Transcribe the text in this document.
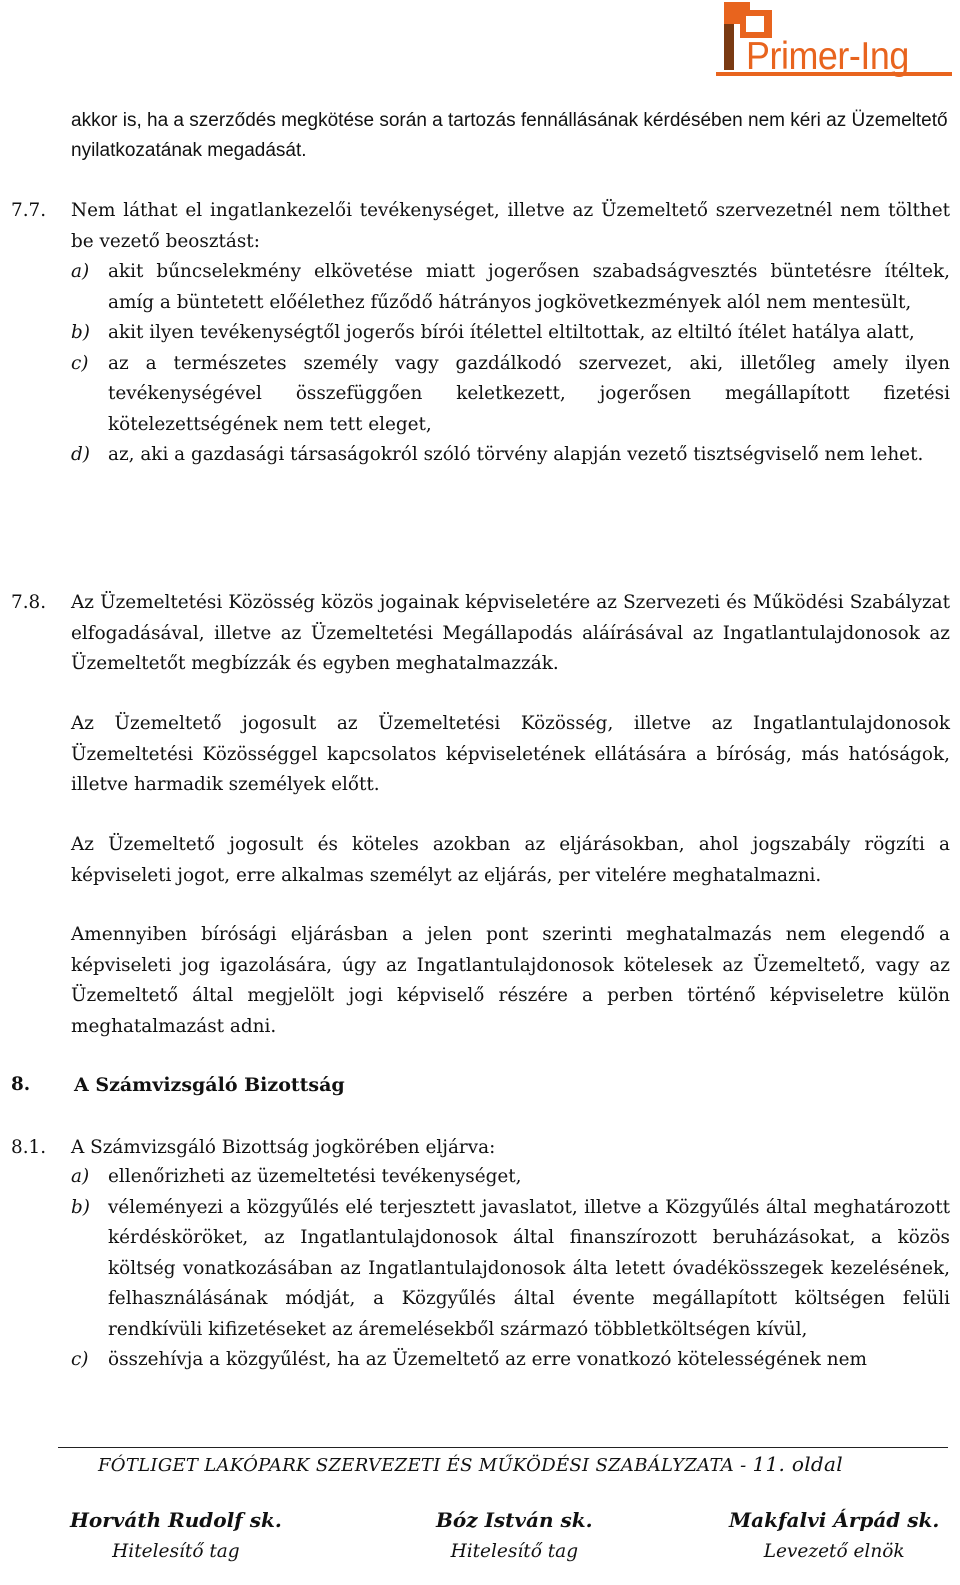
Primer-Ing
akkor is, ha a szerződés megkötése során a tartozás fennállásának kérdésében nem kéri az Üzemeltető nyilatkozatának megadását.
7.7. Nem láthat el ingatlankezelői tevékenységet, illetve az Üzemeltető szervezetnél nem tölthet be vezető beosztást:
a) akit bűncselekmény elkövetése miatt jogerősen szabadságvesztés büntetésre ítéltek, amíg a büntetett előélethez fűződő hátrányos jogkövetkezmények alól nem mentesült,
b) akit ilyen tevékenységtől jogerős bírói ítélettel eltiltottak, az eltiltó ítélet hatálya alatt,
c) az a természetes személy vagy gazdálkodó szervezet, aki, illetőleg amely ilyen tevékenységével összefüggően keletkezett, jogerősen megállapított fizetési kötelezettségének nem tett eleget,
d) az, aki a gazdasági társaságokról szóló törvény alapján vezető tisztségviselő nem lehet.
7.8. Az Üzemeltetési Közösség közös jogainak képviseletére az Szervezeti és Működési Szabályzat elfogadásával, illetve az Üzemeltetési Megállapodás aláírásával az Ingatlantulajdonosok az Üzemeltetőt megbízzák és egyben meghatalmazzák.
Az Üzemeltető jogosult az Üzemeltetési Közösség, illetve az Ingatlantulajdonosok Üzemeltetési Közösséggel kapcsolatos képviseletének ellátására a bíróság, más hatóságok, illetve harmadik személyek előtt.
Az Üzemeltető jogosult és köteles azokban az eljárásokban, ahol jogszabály rögzíti a képviseleti jogot, erre alkalmas személyt az eljárás, per vitelére meghatalmazni.
Amennyiben bírósági eljárásban a jelen pont szerinti meghatalmazás nem elegendő a képviseleti jog igazolására, úgy az Ingatlantulajdonosok kötelesek az Üzemeltető, vagy az Üzemeltető által megjelölt jogi képviselő részére a perben történő képviseletre külön meghatalmazást adni.
8. A Számvizsgáló Bizottság
8.1. A Számvizsgáló Bizottság jogkörében eljárva:
a) ellenőrizheti az üzemeltetési tevékenységet,
b) véleményezi a közgyűlés elé terjesztett javaslatot, illetve a Közgyűlés által meghatározott kérdésköröket, az Ingatlantulajdonosok által finanszírozott beruházásokat, a közös költség vonatkozásában az Ingatlantulajdonosok álta letett óvadékösszegek kezelésének, felhasználásának módját, a Közgyűlés által évente megállapított költségen felüli rendkívüli kifizetéseket az áremelésekből származó többletköltségen kívül,
c) összehívja a közgyűlést, ha az Üzemeltető az erre vonatkozó kötelességének nem
FÓTLIGET LAKÓPARK SZERVEZETI ÉS MŰKÖDÉSI SZABÁLYZATA - 11. oldal
Horváth Rudolf sk.
Hitelesítő tag
Bóz István sk.
Hitelesítő tag
Makfalvi Árpád sk.
Levezető elnök
